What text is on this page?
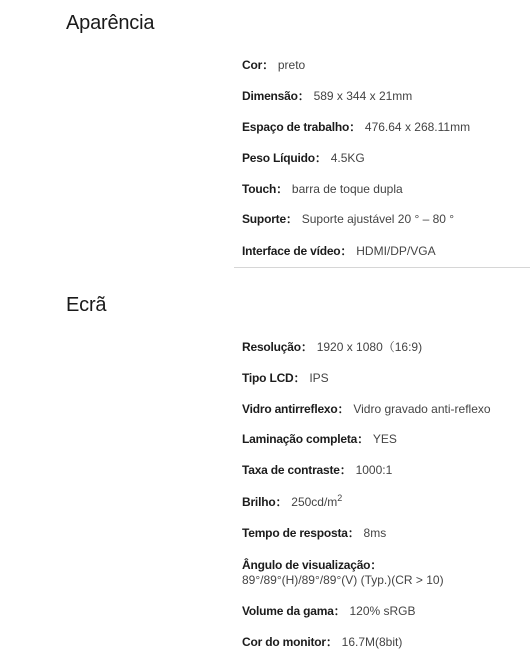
Aparência
Cor： preto
Dimensão： 589 x 344 x 21mm
Espaço de trabalho： 476.64 x 268.11mm
Peso Líquido： 4.5KG
Touch： barra de toque dupla
Suporte： Suporte ajustável 20 ° – 80 °
Interface de vídeo： HDMI/DP/VGA
Ecrã
Resolução： 1920 x 1080（16:9)
Tipo LCD： IPS
Vidro antirreflexo： Vidro gravado anti-reflexo
Laminação completa： YES
Taxa de contraste： 1000:1
Brilho： $250cd/m^2$
Tempo de resposta： 8ms
Ângulo de visualização：
89°/89°(H)/89°/89°(V) (Typ.)(CR > 10)
Volume da gama： 120% sRGB
Cor do monitor： 16.7M(8bit)
